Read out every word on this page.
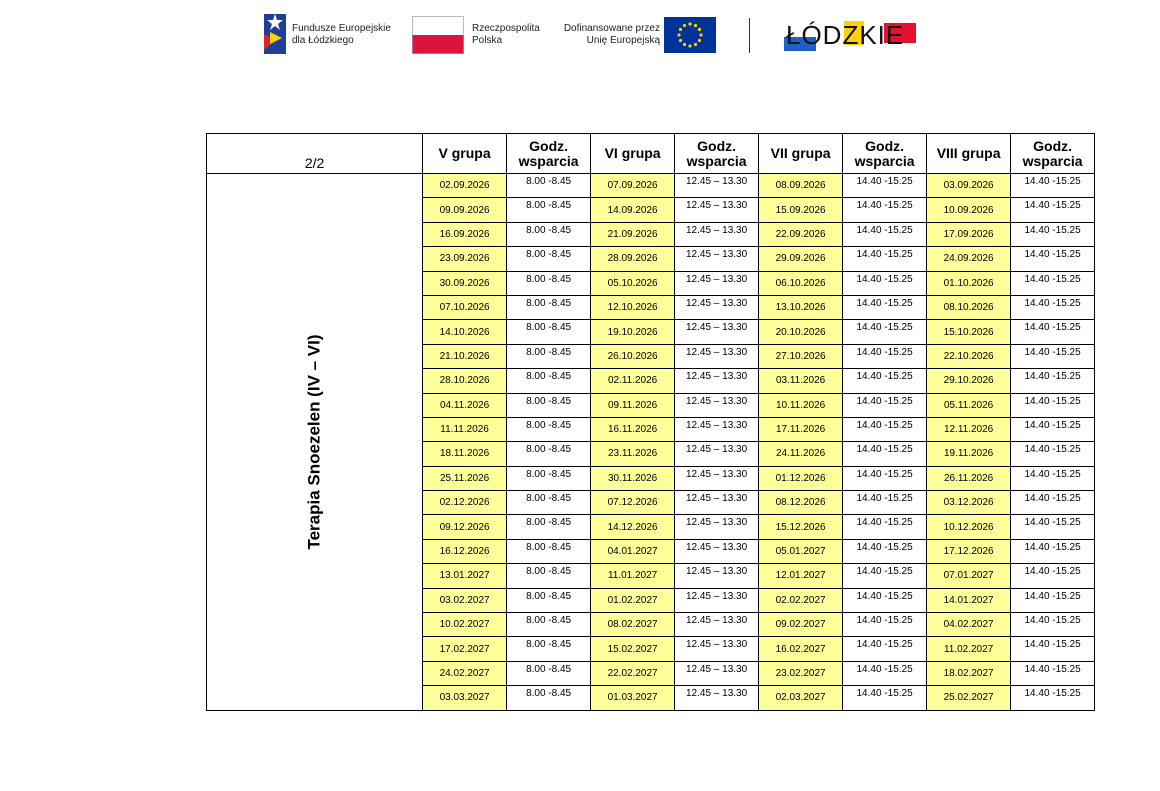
Fundusze Europejskie
dla Łódzkiego
Rzeczpospolita
Polska
Dofinansowane przez
Unię Europejską	ŁÓDZKIE
2/2	V grupa	Godz. wsparcia	VI grupa	Godz. wsparcia	VII grupa	Godz. wsparcia	VIII grupa	Godz. wsparcia
Terapia Snoezelen (IV – VI)	02.09.2026	8.00 -8.45	07.09.2026	12.45 – 13.30	08.09.2026	14.40 -15.25	03.09.2026	14.40 -15.25
	09.09.2026	8.00 -8.45	14.09.2026	12.45 – 13.30	15.09.2026	14.40 -15.25	10.09.2026	14.40 -15.25
	16.09.2026	8.00 -8.45	21.09.2026	12.45 – 13.30	22.09.2026	14.40 -15.25	17.09.2026	14.40 -15.25
	23.09.2026	8.00 -8.45	28.09.2026	12.45 – 13.30	29.09.2026	14.40 -15.25	24.09.2026	14.40 -15.25
	30.09.2026	8.00 -8.45	05.10.2026	12.45 – 13.30	06.10.2026	14.40 -15.25	01.10.2026	14.40 -15.25
	07.10.2026	8.00 -8.45	12.10.2026	12.45 – 13.30	13.10.2026	14.40 -15.25	08.10.2026	14.40 -15.25
	14.10.2026	8.00 -8.45	19.10.2026	12.45 – 13.30	20.10.2026	14.40 -15.25	15.10.2026	14.40 -15.25
	21.10.2026	8.00 -8.45	26.10.2026	12.45 – 13.30	27.10.2026	14.40 -15.25	22.10.2026	14.40 -15.25
	28.10.2026	8.00 -8.45	02.11.2026	12.45 – 13.30	03.11.2026	14.40 -15.25	29.10.2026	14.40 -15.25
	04.11.2026	8.00 -8.45	09.11.2026	12.45 – 13.30	10.11.2026	14.40 -15.25	05.11.2026	14.40 -15.25
	11.11.2026	8.00 -8.45	16.11.2026	12.45 – 13.30	17.11.2026	14.40 -15.25	12.11.2026	14.40 -15.25
	18.11.2026	8.00 -8.45	23.11.2026	12.45 – 13.30	24.11.2026	14.40 -15.25	19.11.2026	14.40 -15.25
	25.11.2026	8.00 -8.45	30.11.2026	12.45 – 13.30	01.12.2026	14.40 -15.25	26.11.2026	14.40 -15.25
	02.12.2026	8.00 -8.45	07.12.2026	12.45 – 13.30	08.12.2026	14.40 -15.25	03.12.2026	14.40 -15.25
	09.12.2026	8.00 -8.45	14.12.2026	12.45 – 13.30	15.12.2026	14.40 -15.25	10.12.2026	14.40 -15.25
	16.12.2026	8.00 -8.45	04.01.2027	12.45 – 13.30	05.01.2027	14.40 -15.25	17.12.2026	14.40 -15.25
	13.01.2027	8.00 -8.45	11.01.2027	12.45 – 13.30	12.01.2027	14.40 -15.25	07.01.2027	14.40 -15.25
	03.02.2027	8.00 -8.45	01.02.2027	12.45 – 13.30	02.02.2027	14.40 -15.25	14.01.2027	14.40 -15.25
	10.02.2027	8.00 -8.45	08.02.2027	12.45 – 13.30	09.02.2027	14.40 -15.25	04.02.2027	14.40 -15.25
	17.02.2027	8.00 -8.45	15.02.2027	12.45 – 13.30	16.02.2027	14.40 -15.25	11.02.2027	14.40 -15.25
	24.02.2027	8.00 -8.45	22.02.2027	12.45 – 13.30	23.02.2027	14.40 -15.25	18.02.2027	14.40 -15.25
	03.03.2027	8.00 -8.45	01.03.2027	12.45 – 13.30	02.03.2027	14.40 -15.25	25.02.2027	14.40 -15.25
